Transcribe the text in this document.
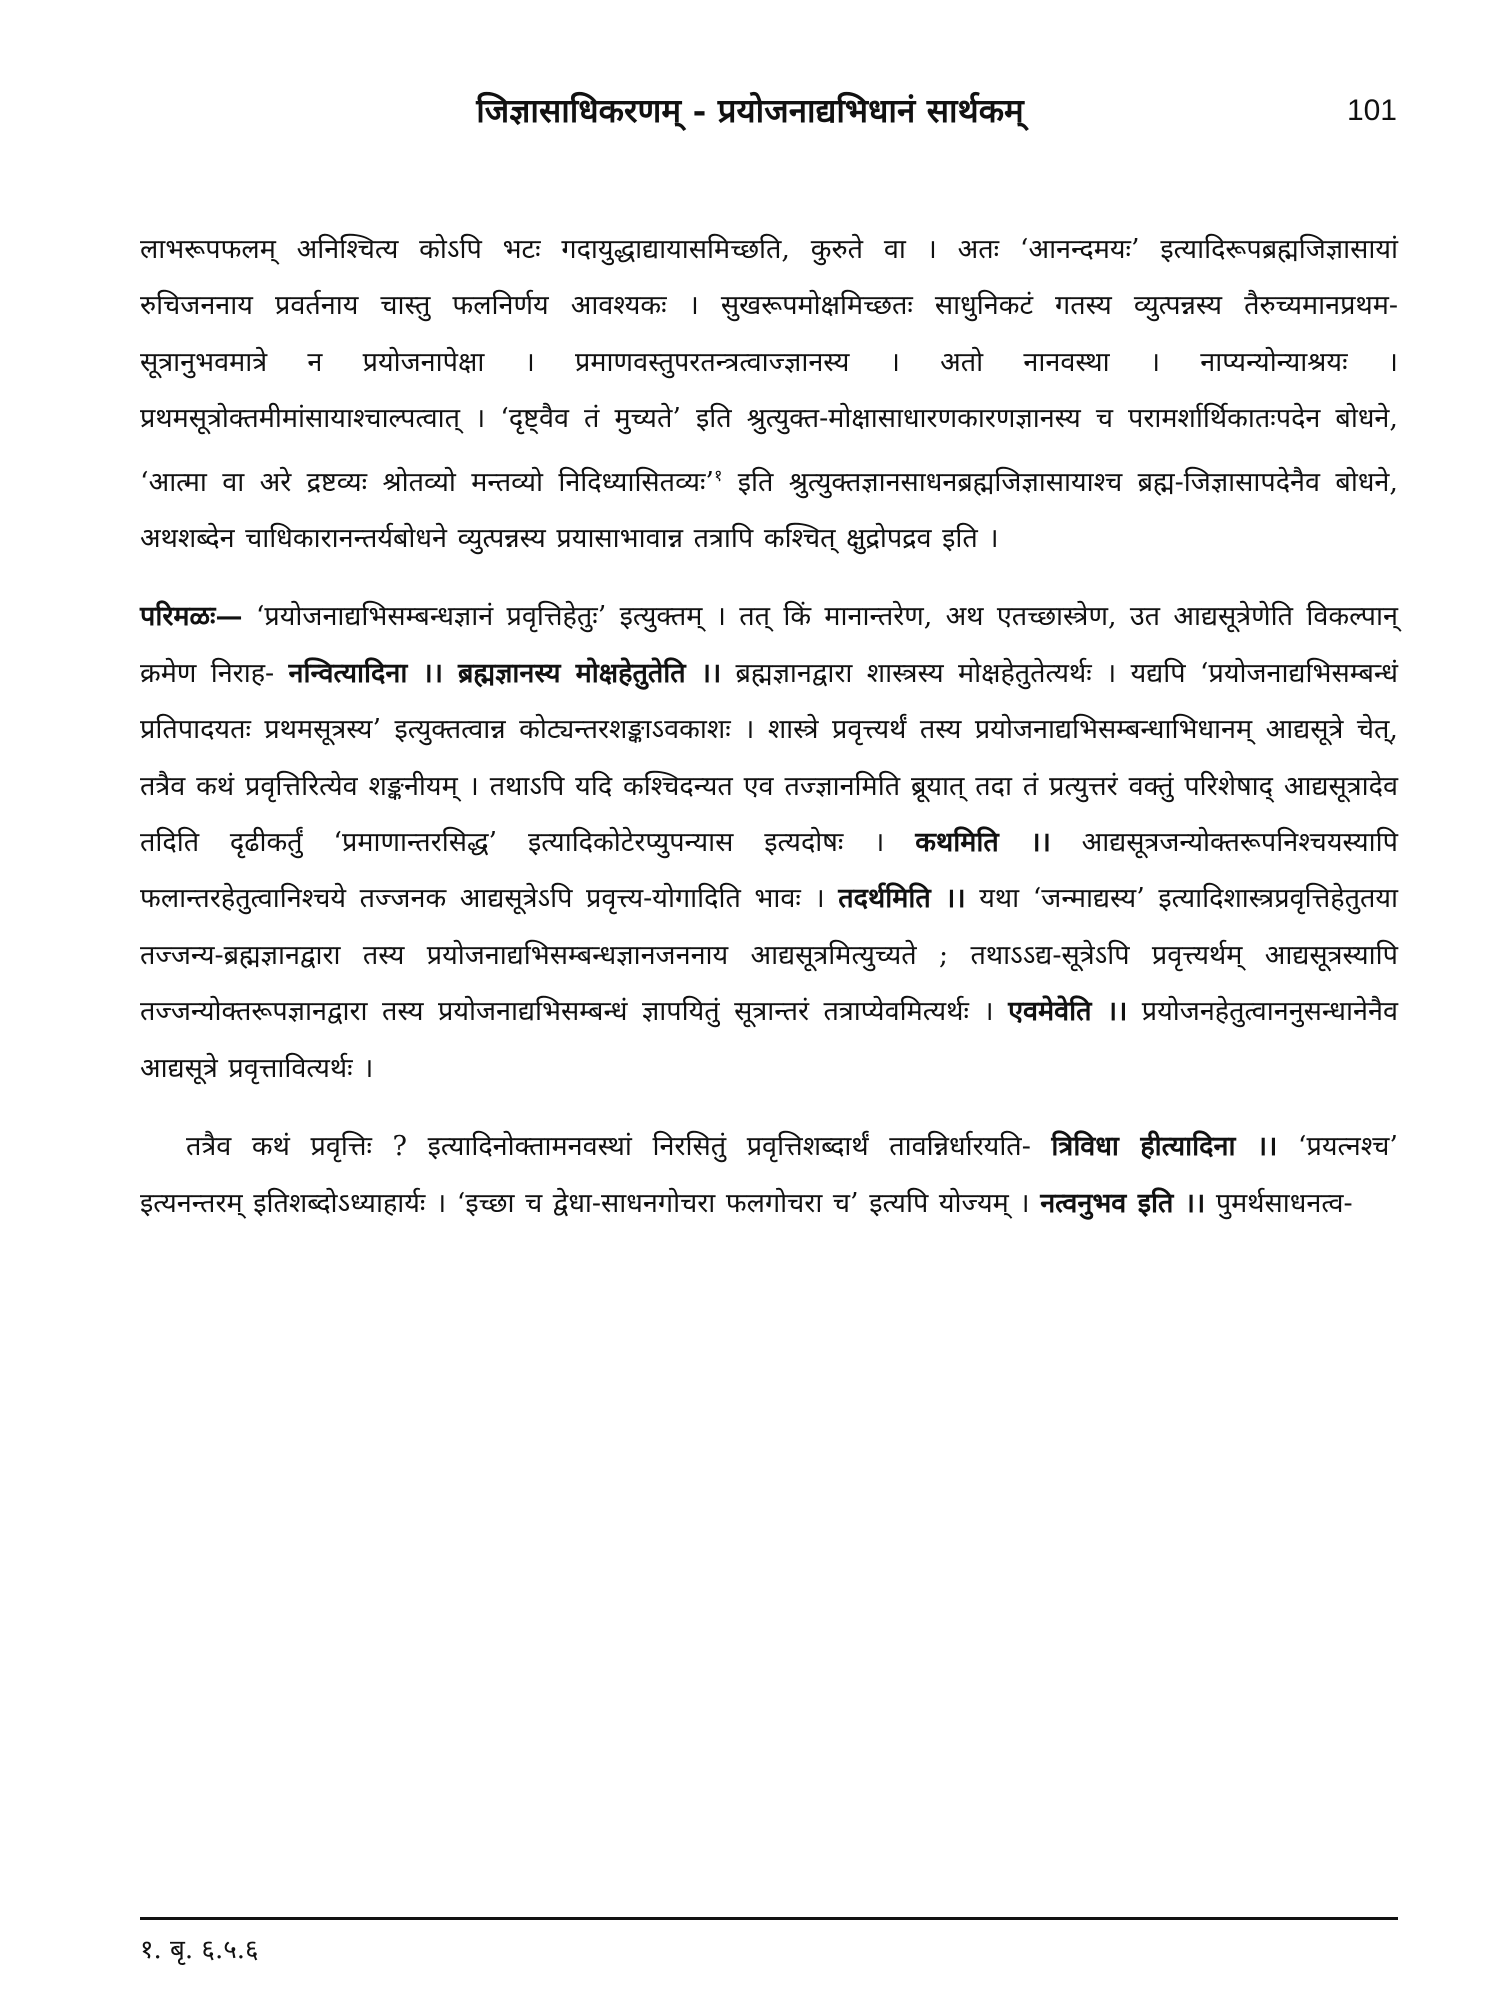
जिज्ञासाधिकरणम् - प्रयोजनाद्यभिधानं सार्थकम्	101

लाभरूपफलम् अनिश्चित्य कोऽपि भटः गदायुद्धाद्यायासमिच्छति, कुरुते वा । अतः ‘आनन्दमयः’ इत्यादिरूपब्रह्मजिज्ञासायां रुचिजननाय प्रवर्तनाय चास्तु फलनिर्णय आवश्यकः । सुखरूपमोक्षमिच्छतः साधुनिकटं गतस्य व्युत्पन्नस्य तैरुच्यमानप्रथम-सूत्रानुभवमात्रे न प्रयोजनापेक्षा । प्रमाणवस्तुपरतन्त्रत्वाज्ज्ञानस्य । अतो नानवस्था । नाप्यन्योन्याश्रयः । प्रथमसूत्रोक्तमीमांसायाश्चाल्पत्वात् । ‘दृष्ट्वैव तं मुच्यते’ इति श्रुत्युक्त-मोक्षासाधारणकारणज्ञानस्य च परामर्शार्थिकातःपदेन बोधने, ‘आत्मा वा अरे द्रष्टव्यः श्रोतव्यो मन्तव्यो निदिध्यासितव्यः’$^१$ इति श्रुत्युक्तज्ञानसाधनब्रह्मजिज्ञासायाश्च ब्रह्म-जिज्ञासापदेनैव बोधने, अथशब्देन चाधिकारानन्तर्यबोधने व्युत्पन्नस्य प्रयासाभावान्न तत्रापि कश्चित् क्षुद्रोपद्रव इति ।

परिमळः— ‘प्रयोजनाद्यभिसम्बन्धज्ञानं प्रवृत्तिहेतुः’ इत्युक्तम् । तत् किं मानान्तरेण, अथ एतच्छास्त्रेण, उत आद्यसूत्रेणेति विकल्पान् क्रमेण निराह- नन्वित्यादिना ।। ब्रह्मज्ञानस्य मोक्षहेतुतेति ।। ब्रह्मज्ञानद्वारा शास्त्रस्य मोक्षहेतुतेत्यर्थः । यद्यपि ‘प्रयोजनाद्यभिसम्बन्धं प्रतिपादयतः प्रथमसूत्रस्य’ इत्युक्तत्वान्न कोट्यन्तरशङ्काऽवकाशः । शास्त्रे प्रवृत्त्यर्थं तस्य प्रयोजनाद्यभिसम्बन्धाभिधानम् आद्यसूत्रे चेत्, तत्रैव कथं प्रवृत्तिरित्येव शङ्कनीयम् । तथाऽपि यदि कश्चिदन्यत एव तज्ज्ञानमिति ब्रूयात् तदा तं प्रत्युत्तरं वक्तुं परिशेषाद् आद्यसूत्रादेव तदिति दृढीकर्तुं ‘प्रमाणान्तरसिद्ध’ इत्यादिकोटेरप्युपन्यास इत्यदोषः । कथमिति ।। आद्यसूत्रजन्योक्तरूपनिश्चयस्यापि फलान्तरहेतुत्वानिश्चये तज्जनक आद्यसूत्रेऽपि प्रवृत्त्य-योगादिति भावः । तदर्थमिति ।। यथा ‘जन्माद्यस्य’ इत्यादिशास्त्रप्रवृत्तिहेतुतया तज्जन्य-ब्रह्मज्ञानद्वारा तस्य प्रयोजनाद्यभिसम्बन्धज्ञानजननाय आद्यसूत्रमित्युच्यते ; तथाऽऽद्य-सूत्रेऽपि प्रवृत्त्यर्थम् आद्यसूत्रस्यापि तज्जन्योक्तरूपज्ञानद्वारा तस्य प्रयोजनाद्यभिसम्बन्धं ज्ञापयितुं सूत्रान्तरं तत्राप्येवमित्यर्थः । एवमेवेति ।। प्रयोजनहेतुत्वाननुसन्धानेनैव आद्यसूत्रे प्रवृत्तावित्यर्थः ।

तत्रैव कथं प्रवृत्तिः ? इत्यादिनोक्तामनवस्थां निरसितुं प्रवृत्तिशब्दार्थं तावन्निर्धारयति- त्रिविधा हीत्यादिना ।। ‘प्रयत्नश्च’ इत्यनन्तरम् इतिशब्दोऽध्याहार्यः । ‘इच्छा च द्वेधा-साधनगोचरा फलगोचरा च’ इत्यपि योज्यम् । नत्वनुभव इति ।। पुमर्थसाधनत्व-

१. बृ. ६.५.६
